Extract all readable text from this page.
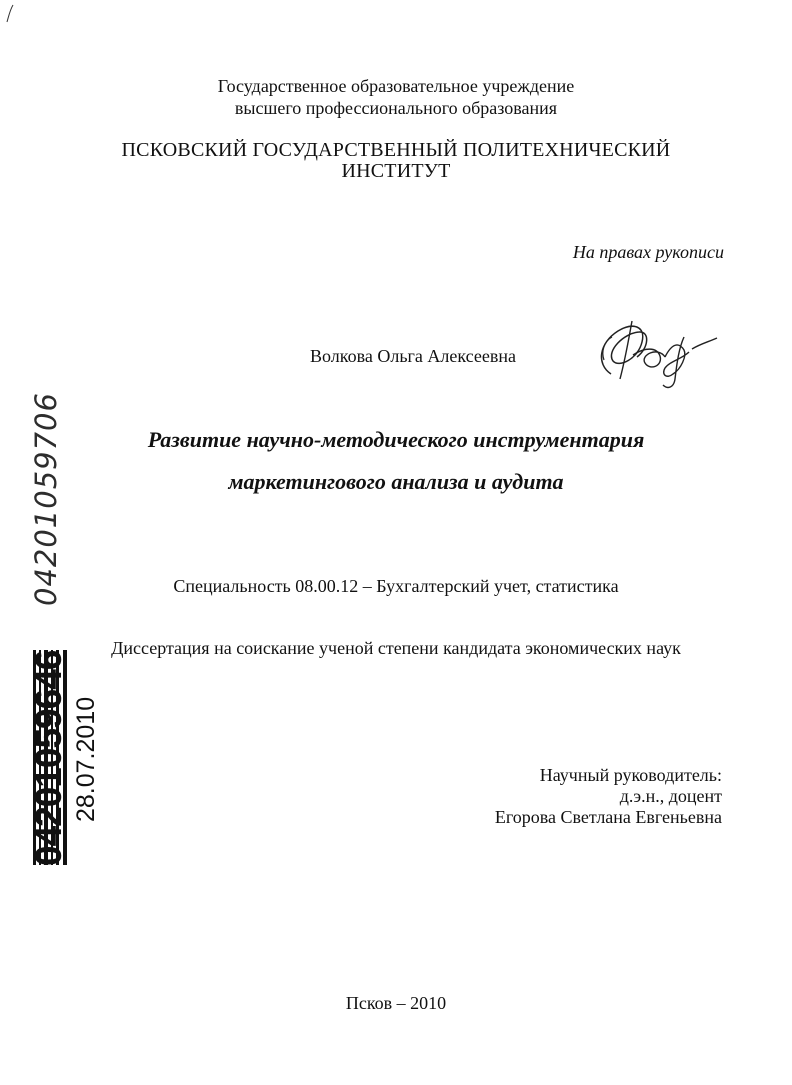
Государственное образовательное учреждение
высшего профессионального образования
ПСКОВСКИЙ ГОСУДАРСТВЕННЫЙ ПОЛИТЕХНИЧЕСКИЙ
ИНСТИТУТ
На правах рукописи
Волкова Ольга Алексеевна
Развитие научно-методического инструментария
маркетингового анализа и аудита
Специальность 08.00.12 – Бухгалтерский учет, статистика
Диссертация на соискание ученой степени кандидата экономических наук
Научный руководитель:
д.э.н., доцент
Егорова Светлана Евгеньевна
Псков – 2010
04201059706
04201059646 28.07.2010
